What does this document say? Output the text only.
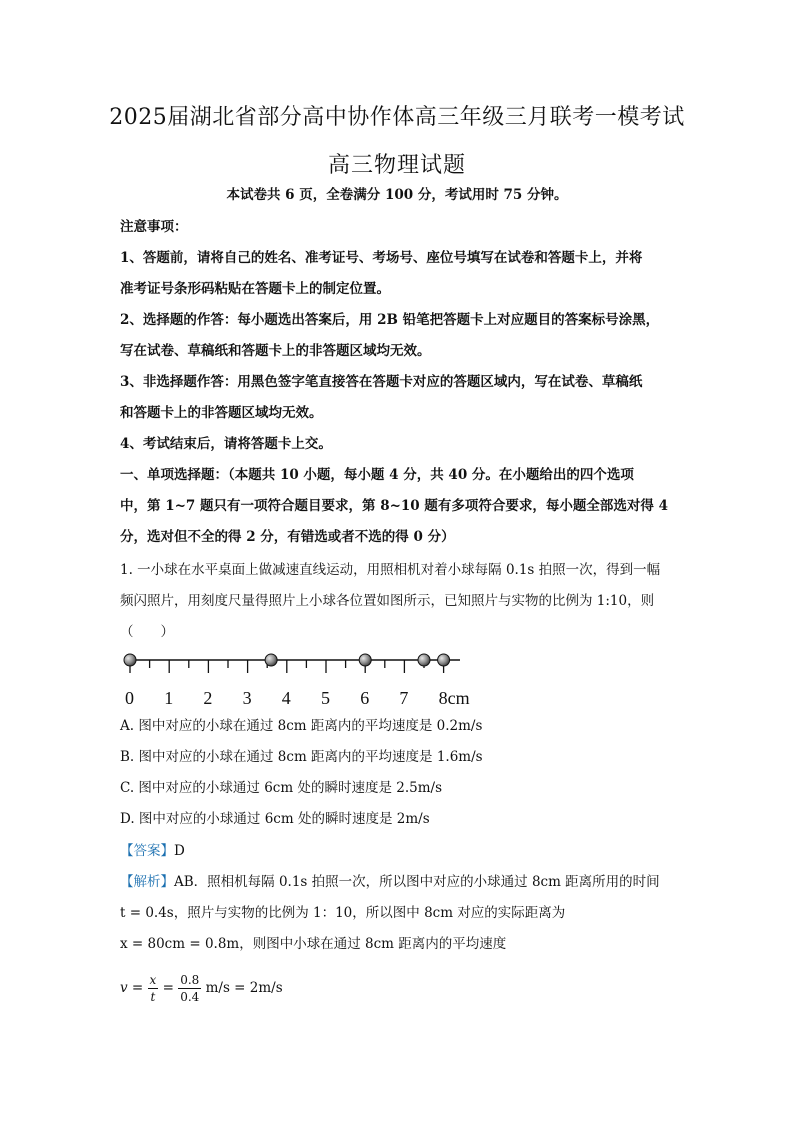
2025届湖北省部分高中协作体高三年级三月联考一模考试
高三物理试题
本试卷共 6 页，全卷满分 100 分，考试用时 75 分钟。
注意事项：
1、答题前，请将自己的姓名、准考证号、考场号、座位号填写在试卷和答题卡上，并将
准考证号条形码粘贴在答题卡上的制定位置。
2、选择题的作答：每小题选出答案后，用 2B 铅笔把答题卡上对应题目的答案标号涂黑，
写在试卷、草稿纸和答题卡上的非答题区域均无效。
3、非选择题作答：用黑色签字笔直接答在答题卡对应的答题区域内，写在试卷、草稿纸
和答题卡上的非答题区域均无效。
4、考试结束后，请将答题卡上交。
一、单项选择题：（本题共 10 小题，每小题 4 分，共 40 分。在小题给出的四个选项
中，第 1~7 题只有一项符合题目要求，第 8~10 题有多项符合要求，每小题全部选对得 4
分，选对但不全的得 2 分，有错选或者不选的得 0 分）
1. 一小球在水平桌面上做减速直线运动，用照相机对着小球每隔 0.1s 拍照一次，得到一幅
频闪照片，用刻度尺量得照片上小球各位置如图所示，已知照片与实物的比例为 1:10，则
（　　）
0 1 2 3 4 5 6 7 8cm
A. 图中对应的小球在通过 8cm 距离内的平均速度是 0.2m/s
B. 图中对应的小球在通过 8cm 距离内的平均速度是 1.6m/s
C. 图中对应的小球通过 6cm 处的瞬时速度是 2.5m/s
D. 图中对应的小球通过 6cm 处的瞬时速度是 2m/s
【答案】D
【解析】AB．照相机每隔 0.1s 拍照一次，所以图中对应的小球通过 8cm 距离所用的时间
t = 0.4s，照片与实物的比例为 1：10，所以图中 8cm 对应的实际距离为
x = 80cm = 0.8m，则图中小球在通过 8cm 距离内的平均速度
$v = \frac{x}{t} = \frac{0.8}{0.4} m/s = 2m/s$
